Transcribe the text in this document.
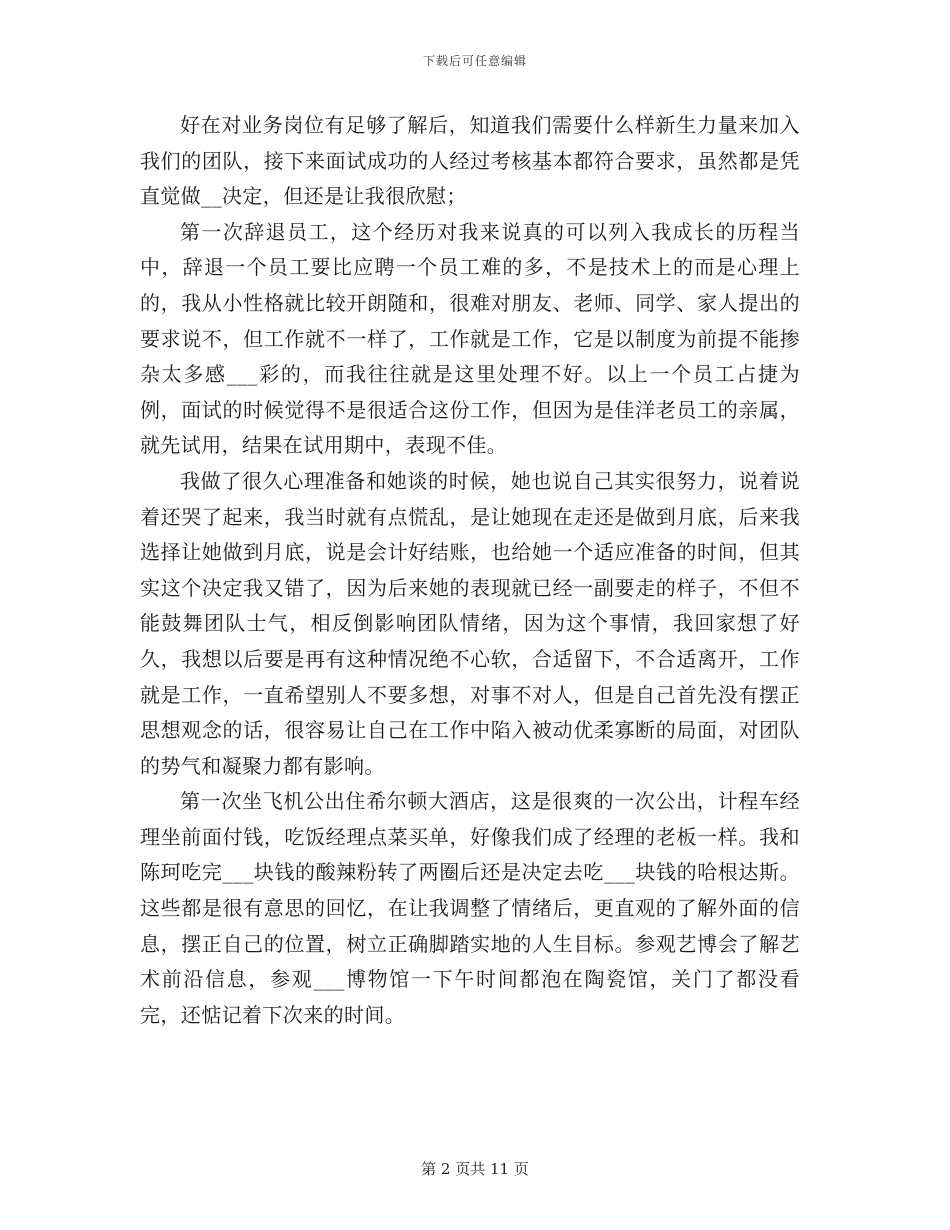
下载后可任意编辑

好在对业务岗位有足够了解后，知道我们需要什么样新生力量来加入我们的团队，接下来面试成功的人经过考核基本都符合要求，虽然都是凭直觉做__决定，但还是让我很欣慰；

第一次辞退员工，这个经历对我来说真的可以列入我成长的历程当中，辞退一个员工要比应聘一个员工难的多，不是技术上的而是心理上的，我从小性格就比较开朗随和，很难对朋友、老师、同学、家人提出的要求说不，但工作就不一样了，工作就是工作，它是以制度为前提不能掺杂太多感___彩的，而我往往就是这里处理不好。以上一个员工占捷为例，面试的时候觉得不是很适合这份工作，但因为是佳洋老员工的亲属，就先试用，结果在试用期中，表现不佳。

我做了很久心理准备和她谈的时候，她也说自己其实很努力，说着说着还哭了起来，我当时就有点慌乱，是让她现在走还是做到月底，后来我选择让她做到月底，说是会计好结账，也给她一个适应准备的时间，但其实这个决定我又错了，因为后来她的表现就已经一副要走的样子，不但不能鼓舞团队士气，相反倒影响团队情绪，因为这个事情，我回家想了好久，我想以后要是再有这种情况绝不心软，合适留下，不合适离开，工作就是工作，一直希望别人不要多想，对事不对人，但是自己首先没有摆正思想观念的话，很容易让自己在工作中陷入被动优柔寡断的局面，对团队的势气和凝聚力都有影响。

第一次坐飞机公出住希尔顿大酒店，这是很爽的一次公出，计程车经理坐前面付钱，吃饭经理点菜买单，好像我们成了经理的老板一样。我和陈珂吃完___块钱的酸辣粉转了两圈后还是决定去吃___块钱的哈根达斯。这些都是很有意思的回忆，在让我调整了情绪后，更直观的了解外面的信息，摆正自己的位置，树立正确脚踏实地的人生目标。参观艺博会了解艺术前沿信息，参观___博物馆一下午时间都泡在陶瓷馆，关门了都没看完，还惦记着下次来的时间。

第 2 页共 11 页
